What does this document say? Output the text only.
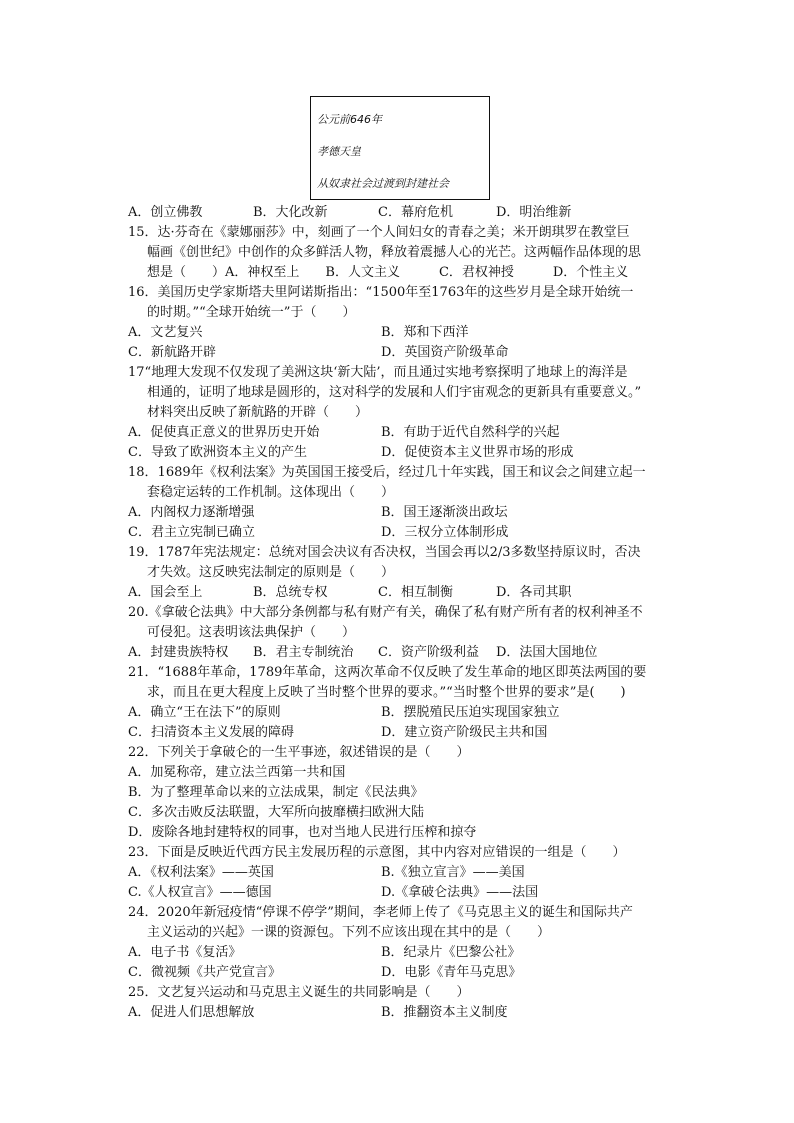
公元前646年
孝德天皇
从奴隶社会过渡到封建社会
A．创立佛教	B．大化改新	C．幕府危机	D．明治维新
15．达·芬奇在《蒙娜丽莎》中，刻画了一个人间妇女的青春之美；米开朗琪罗在教堂巨
幅画《创世纪》中创作的众多鲜活人物，释放着震撼人心的光芒。这两幅作品体现的思
想是（　　）A．神权至上　　B．人文主义　　　C．君权神授　　　D．个性主义
16．美国历史学家斯塔夫里阿诺斯指出：“1500年至1763年的这些岁月是全球开始统一
的时期。”“全球开始统一”于（　　）
A．文艺复兴	B．郑和下西洋
C．新航路开辟	D．英国资产阶级革命
17“地理大发现不仅发现了美洲这块‘新大陆’，而且通过实地考察探明了地球上的海洋是
相通的，证明了地球是圆形的，这对科学的发展和人们宇宙观念的更新具有重要意义。”
材料突出反映了新航路的开辟（　　）
A．促使真正意义的世界历史开始	B．有助于近代自然科学的兴起
C．导致了欧洲资本主义的产生	D．促使资本主义世界市场的形成
18．1689年《权利法案》为英国国王接受后，经过几十年实践，国王和议会之间建立起一
套稳定运转的工作机制。这体现出（　　）
A．内阁权力逐渐增强	B．国王逐渐淡出政坛
C．君主立宪制已确立	D．三权分立体制形成
19．1787年宪法规定：总统对国会决议有否决权，当国会再以2/3多数坚持原议时，否决
才失效。这反映宪法制定的原则是（　　）
A．国会至上	B．总统专权	C．相互制衡	D．各司其职
20.《拿破仑法典》中大部分条例都与私有财产有关，确保了私有财产所有者的权利神圣不
可侵犯。这表明该法典保护（　　）
A．封建贵族特权 B．君主专制统治 C．资产阶级利益 D．法国大国地位
21．“1688年革命，1789年革命，这两次革命不仅反映了发生革命的地区即英法两国的要
求，而且在更大程度上反映了当时整个世界的要求。”“当时整个世界的要求”是(　　)
A．确立“王在法下”的原则	B．摆脱殖民压迫实现国家独立
C．扫清资本主义发展的障碍	D．建立资产阶级民主共和国
22．下列关于拿破仑的一生平事迹，叙述错误的是（　　）
A．加冕称帝，建立法兰西第一共和国
B．为了整理革命以来的立法成果，制定《民法典》
C．多次击败反法联盟，大军所向披靡横扫欧洲大陆
D．废除各地封建特权的同事，也对当地人民进行压榨和掠夺
23．下面是反映近代西方民主发展历程的示意图，其中内容对应错误的一组是（　　）
A．《权利法案》——英国	B.《独立宣言》——美国
C.《人权宣言》——德国	D.《拿破仑法典》——法国
24．2020年新冠疫情“停课不停学”期间，李老师上传了《马克思主义的诞生和国际共产
主义运动的兴起》一课的资源包。下列不应该出现在其中的是（　　）
A．电子书《复活》	B．纪录片《巴黎公社》
C．微视频《共产党宣言》	D．电影《青年马克思》
25．文艺复兴运动和马克思主义诞生的共同影响是（　　）
A．促进人们思想解放	B．推翻资本主义制度
